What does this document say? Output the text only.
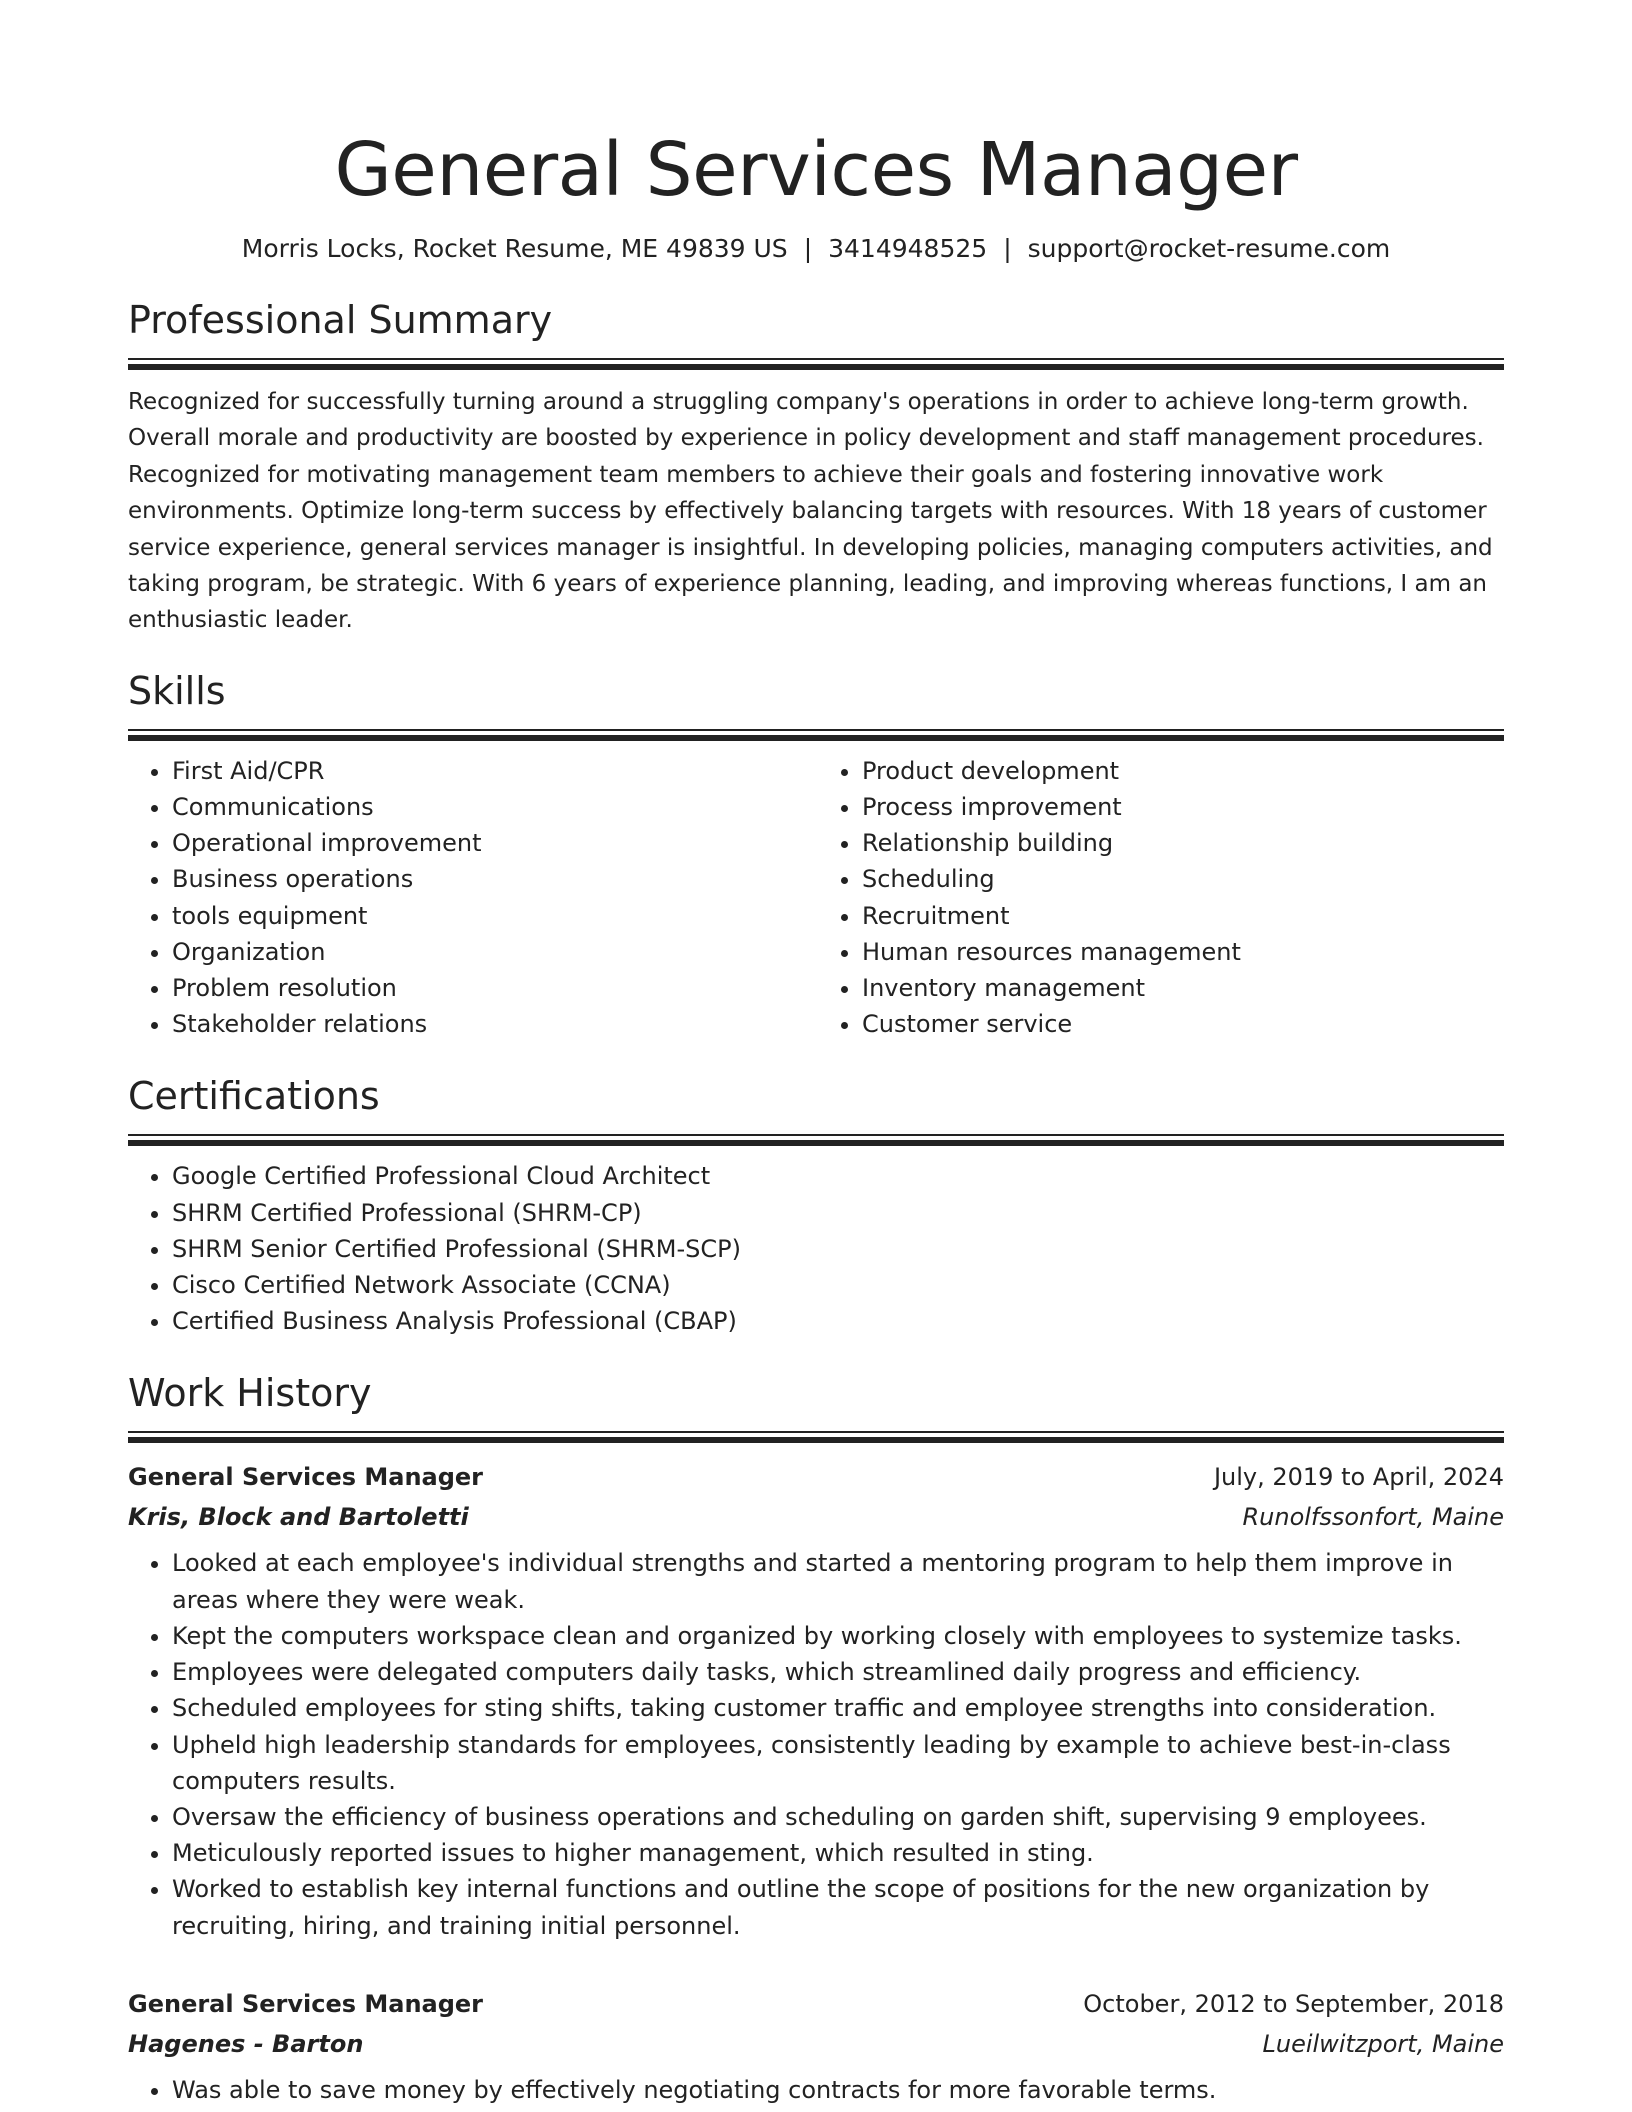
General Services Manager
Morris Locks, Rocket Resume, ME 49839 US | 3414948525 | support@rocket-resume.com
Professional Summary

Recognized for successfully turning around a struggling company's operations in order to achieve long-term growth. Overall morale and productivity are boosted by experience in policy development and staff management procedures. Recognized for motivating management team members to achieve their goals and fostering innovative work environments. Optimize long-term success by effectively balancing targets with resources. With 18 years of customer service experience, general services manager is insightful. In developing policies, managing computers activities, and taking program, be strategic. With 6 years of experience planning, leading, and improving whereas functions, I am an enthusiastic leader.

Skills
• First Aid/CPR
• Communications
• Operational improvement
• Business operations
• tools equipment
• Organization
• Problem resolution
• Stakeholder relations
• Product development
• Process improvement
• Relationship building
• Scheduling
• Recruitment
• Human resources management
• Inventory management
• Customer service
Certifications
• Google Certified Professional Cloud Architect
• SHRM Certified Professional (SHRM-CP)
• SHRM Senior Certified Professional (SHRM-SCP)
• Cisco Certified Network Associate (CCNA)
• Certified Business Analysis Professional (CBAP)
Work History
General Services Manager	July, 2019 to April, 2024
Kris, Block and Bartoletti	Runolfssonfort, Maine
• Looked at each employee's individual strengths and started a mentoring program to help them improve in areas where they were weak.
• Kept the computers workspace clean and organized by working closely with employees to systemize tasks.
• Employees were delegated computers daily tasks, which streamlined daily progress and efficiency.
• Scheduled employees for sting shifts, taking customer traffic and employee strengths into consideration.
• Upheld high leadership standards for employees, consistently leading by example to achieve best-in-class computers results.
• Oversaw the efficiency of business operations and scheduling on garden shift, supervising 9 employees.
• Meticulously reported issues to higher management, which resulted in sting.
• Worked to establish key internal functions and outline the scope of positions for the new organization by recruiting, hiring, and training initial personnel.
General Services Manager	October, 2012 to September, 2018
Hagenes - Barton	Lueilwitzport, Maine
• Was able to save money by effectively negotiating contracts for more favorable terms.
